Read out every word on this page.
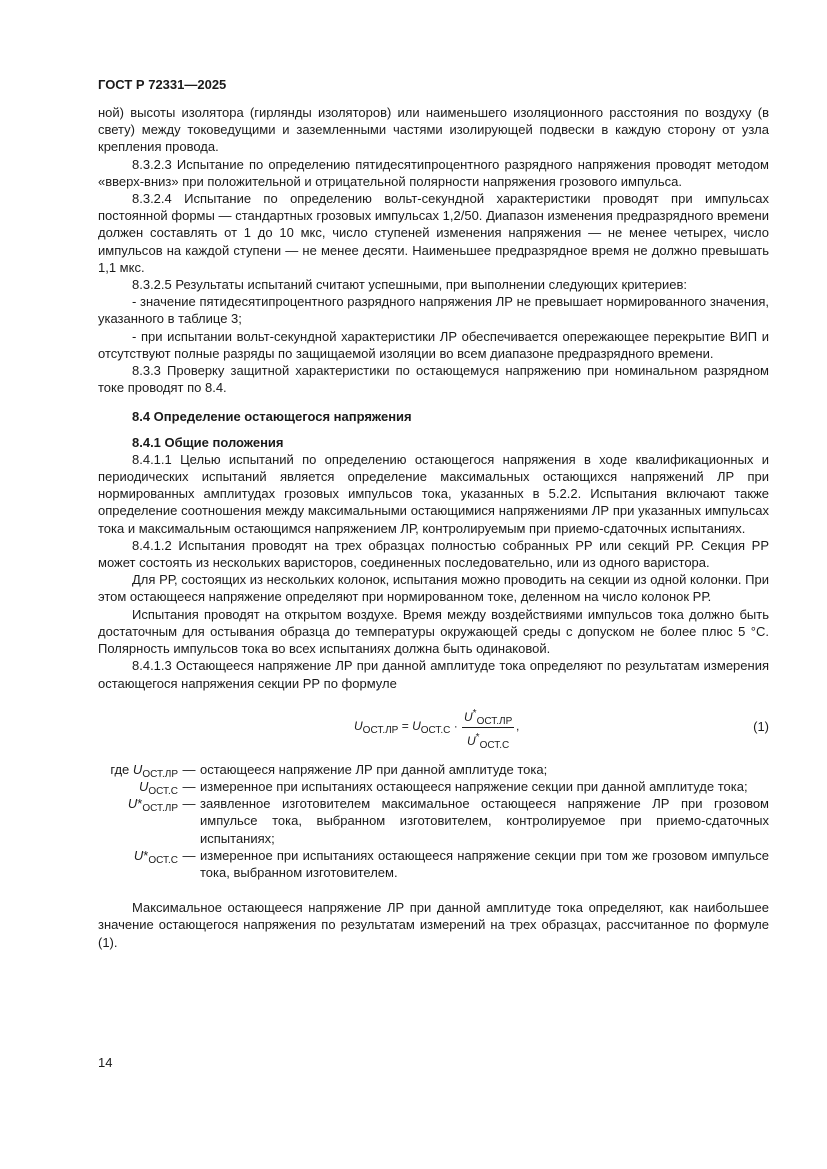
ГОСТ Р 72331—2025

ной) высоты изолятора (гирлянды изоляторов) или наименьшего изоляционного расстояния по воздуху (в свету) между токоведущими и заземленными частями изолирующей подвески в каждую сторону от узла крепления провода.

8.3.2.3 Испытание по определению пятидесятипроцентного разрядного напряжения проводят методом «вверх-вниз» при положительной и отрицательной полярности напряжения грозового импульса.

8.3.2.4 Испытание по определению вольт-секундной характеристики проводят при импульсах постоянной формы — стандартных грозовых импульсах 1,2/50. Диапазон изменения предразрядного времени должен составлять от 1 до 10 мкс, число ступеней изменения напряжения — не менее четырех, число импульсов на каждой ступени — не менее десяти. Наименьшее предразрядное время не должно превышать 1,1 мкс.

8.3.2.5 Результаты испытаний считают успешными, при выполнении следующих критериев:

- значение пятидесятипроцентного разрядного напряжения ЛР не превышает нормированного значения, указанного в таблице 3;

- при испытании вольт-секундной характеристики ЛР обеспечивается опережающее перекрытие ВИП и отсутствуют полные разряды по защищаемой изоляции во всем диапазоне предразрядного времени.

8.3.3 Проверку защитной характеристики по остающемуся напряжению при номинальном разрядном токе проводят по 8.4.

8.4 Определение остающегося напряжения

8.4.1 Общие положения

8.4.1.1 Целью испытаний по определению остающегося напряжения в ходе квалификационных и периодических испытаний является определение максимальных остающихся напряжений ЛР при нормированных амплитудах грозовых импульсов тока, указанных в 5.2.2. Испытания включают также определение соотношения между максимальными остающимися напряжениями ЛР при указанных импульсах тока и максимальным остающимся напряжением ЛР, контролируемым при приемо-сдаточных испытаниях.

8.4.1.2 Испытания проводят на трех образцах полностью собранных РР или секций РР. Секция РР может состоять из нескольких варисторов, соединенных последовательно, или из одного варистора.

Для РР, состоящих из нескольких колонок, испытания можно проводить на секции из одной колонки. При этом остающееся напряжение определяют при нормированном токе, деленном на число колонок РР.

Испытания проводят на открытом воздухе. Время между воздействиями импульсов тока должно быть достаточным для остывания образца до температуры окружающей среды с допуском не более плюс 5 °С. Полярность импульсов тока во всех испытаниях должна быть одинаковой.

8.4.1.3 Остающееся напряжение ЛР при данной амплитуде тока определяют по результатам измерения остающегося напряжения секции РР по формуле

$U_{ОСТ.ЛР} = U_{ОСТ.С}$ ·
$U^*_{ОСТ.ЛР}$
$U^*_{ОСТ.С}$
,	(1)
где $U_{ОСТ.ЛР}$ — остающееся напряжение ЛР при данной амплитуде тока;
$U_{ОСТ.С}$ — измеренное при испытаниях остающееся напряжение секции при данной амплитуде тока;
$U*_{ОСТ.ЛР}$ — заявленное изготовителем максимальное остающееся напряжение ЛР при грозовом импульсе тока, выбранном изготовителем, контролируемое при приемо-сдаточных испытаниях;
$U*_{ОСТ.С}$ — измеренное при испытаниях остающееся напряжение секции при том же грозовом импульсе тока, выбранном изготовителем.

Максимальное остающееся напряжение ЛР при данной амплитуде тока определяют, как наибольшее значение остающегося напряжения по результатам измерений на трех образцах, рассчитанное по формуле (1).

14
